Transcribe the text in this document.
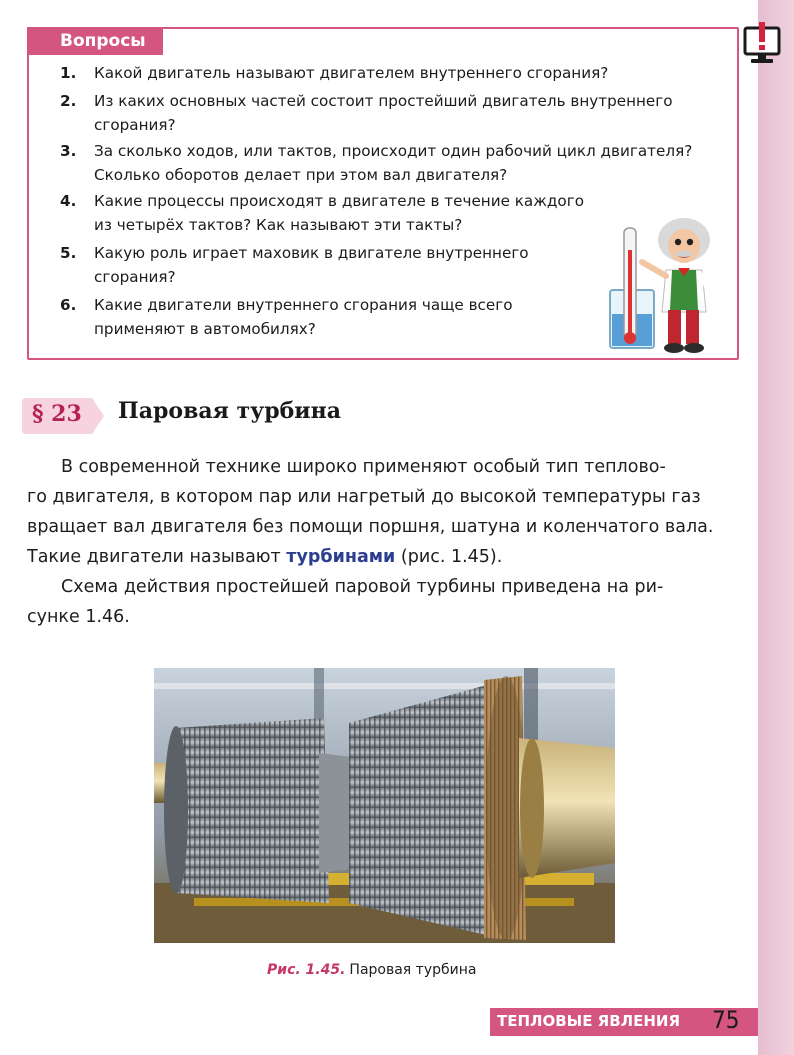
Вопросы
1.	Какой двигатель называют двигателем внутреннего сгорания?
2.	Из каких основных частей состоит простейший двигатель внутреннего
сгорания?
3.	За сколько ходов, или тактов, происходит один рабочий цикл двигателя?
Сколько оборотов делает при этом вал двигателя?
4.	Какие процессы происходят в двигателе в течение каждого
из четырёх тактов? Как называют эти такты?
5.	Какую роль играет маховик в двигателе внутреннего
сгорания?
6.	Какие двигатели внутреннего сгорания чаще всего
применяют в автомобилях?
§ 23 Паровая турбина
В современной технике широко применяют особый тип теплово-
го двигателя, в котором пар или нагретый до высокой температуры газ
вращает вал двигателя без помощи поршня, шатуна и коленчатого вала.
Такие двигатели называют турбинами (рис. 1.45).
Схема действия простейшей паровой турбины приведена на ри-
сунке 1.46.
Рис. 1.45. Паровая турбина
ТЕПЛОВЫЕ ЯВЛЕНИЯ 75
